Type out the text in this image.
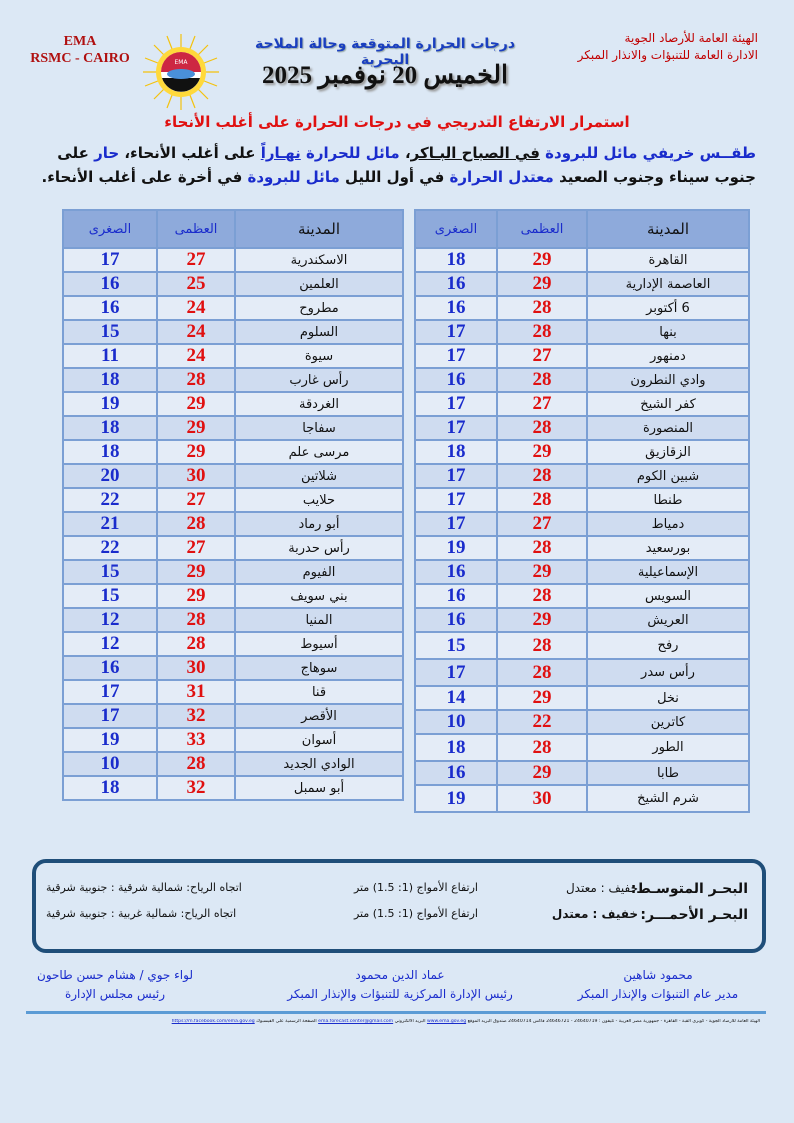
EMA
RSMC - CAIRO	EMA
درجات الحرارة المتوقعة وحالة الملاحة البحرية
الخميس 20 نوفمبر 2025
الهيئة العامة للأرصاد الجوية
الادارة العامة للتنبؤات والانذار المبكر
استمرار الارتفاع التدريجي في درجات الحرارة على أغلب الأنحاء
طقــس خريفي مائل للبرودة في الصباح البـاكر، مائل للحرارة نهـاراً على أغلب الأنحاء، حار على جنوب سيناء وجنوب الصعيد معتدل الحرارة في أول الليل مائل للبرودة في أخرة على أغلب الأنحاء.
المدينة	العظمى	الصغرى
القاهرة	29	18
العاصمة الإدارية	29	16
6 أكتوبر	28	16
بنها	28	17
دمنهور	27	17
وادي النطرون	28	16
كفر الشيخ	27	17
المنصورة	28	17
الزقازيق	29	18
شبين الكوم	28	17
طنطا	28	17
دمياط	27	17
بورسعيد	28	19
الإسماعيلية	29	16
السويس	28	16
العريش	29	16
رفح	28	15
رأس سدر	28	17
نخل	29	14
كاترين	22	10
الطور	28	18
طابا	29	16
شرم الشيخ	30	19
المدينة	العظمى	الصغرى
الاسكندرية	27	17
العلمين	25	16
مطروح	24	16
السلوم	24	15
سيوة	24	11
رأس غارب	28	18
الغردقة	29	19
سفاجا	29	18
مرسى علم	29	18
شلاتين	30	20
حلايب	27	22
أبو رماد	28	21
رأس حدربة	27	22
الفيوم	29	15
بني سويف	29	15
المنيا	28	12
أسيوط	28	12
سوهاج	30	16
قنا	31	17
الأقصر	32	17
أسوان	33	19
الوادي الجديد	28	10
أبو سمبل	32	18
البحـر المتوسـط:
خفيف : معتدل
ارتفاع الأمواج (1: 1.5) متر
اتجاه الرياح: شمالية شرقية : جنوبية شرقية
البحـر الأحمـــر:
خفيف : معتدل
ارتفاع الأمواج (1: 1.5) متر
اتجاه الرياح: شمالية غربية : جنوبية شرقية
محمود شاهين
مدير عام التنبؤات والإنذار المبكر
عماد الدين محمود
رئيس الإدارة المركزية للتنبؤات والإنذار المبكر
لواء جوي / هشام حسن طاحون
رئيس مجلس الإدارة
الهيئة العامة للأرصاد الجوية - كوبري القبة - القاهرة - جمهورية مصر العربية - تليفون : 24640719 - 24646721 فاكس 24640714 صندوق البريد الموقع www.ema.gov.eg البريد الالكتروني ema.forecast.center@gmail.com الصفحة الرسمية على الفيسبوك https://m.facebook.com/ema.gov.eg
